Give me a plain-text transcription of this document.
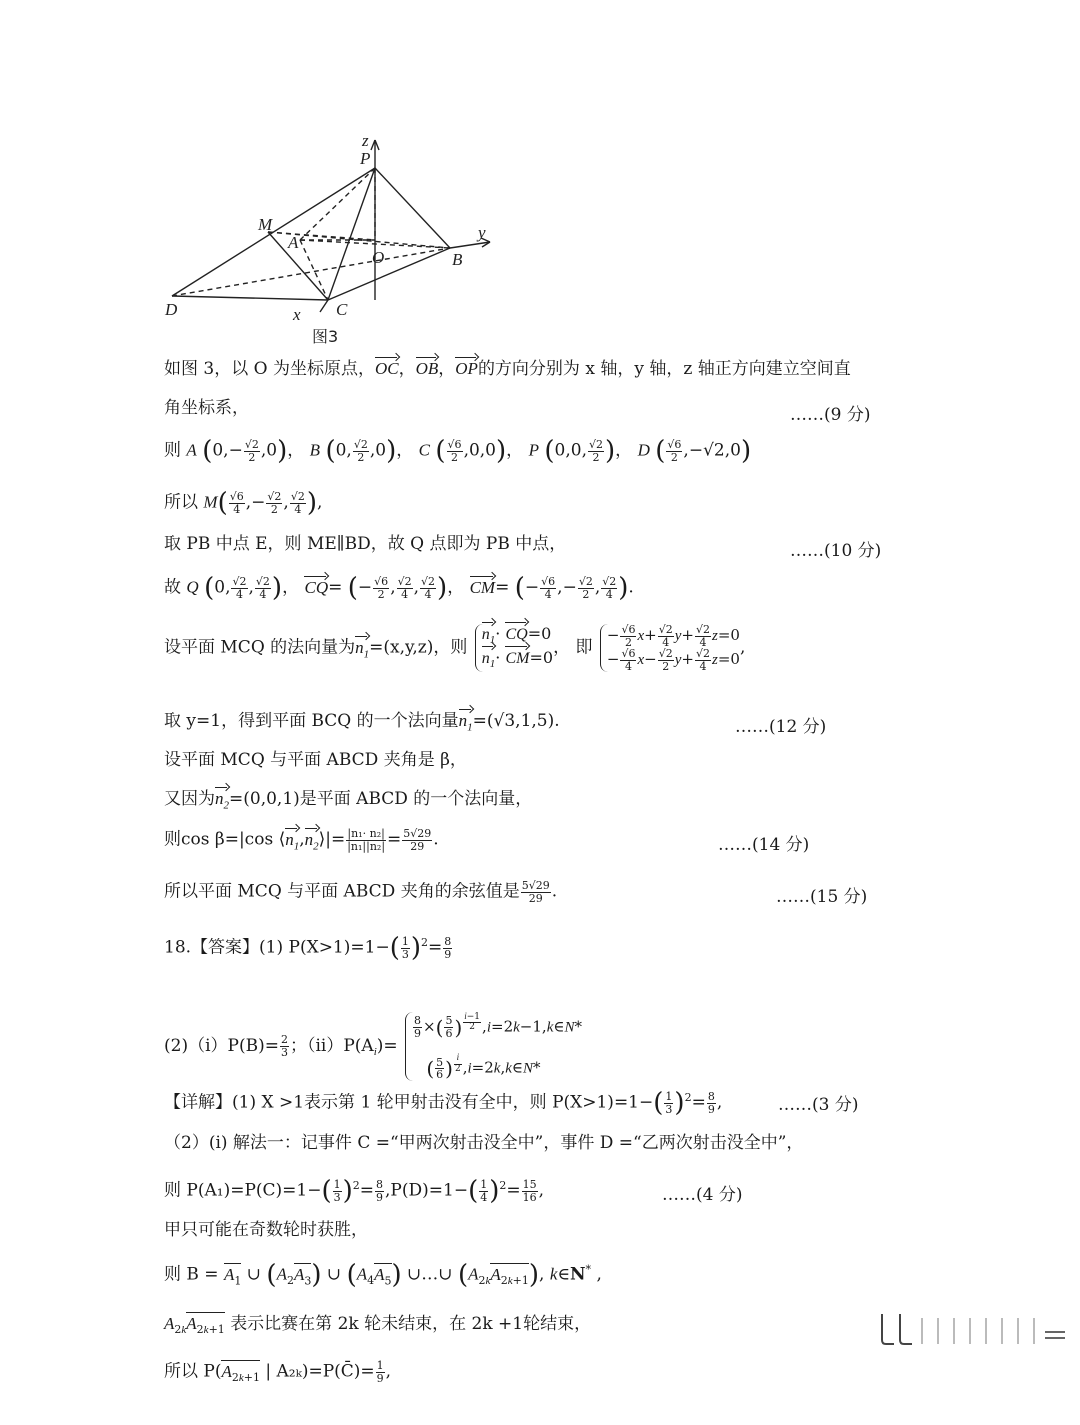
z
P
M
A
O	B
y
D	C
x
图3
如图 3，以 O 为坐标原点，OC，OB，OP的方向分别为 x 轴，y 轴，z 轴正方向建立空间直
角坐标系，	……(9 分)
则 A $(0,- \frac{√2}{2} ,0)$， B (0, $\frac{√2}{2} ,0$)， C ( $\frac{√6}{2} ,0,0$)， P (0,0, $\frac{√2}{2}$ )， D ( $\frac{√6}{2} ,-√2,0$)
所以 $M( \frac{√6}{4}$ ,− $\frac{√2}{2}$ , $\frac{√2}{4}$ ),
取 PB 中点 E，则 ME∥BD，故 Q 点即为 PB 中点，	……(10 分)
故 Q (0, $\frac{√2}{4}$ , $\frac{√2}{4}$ )， CQ= (− $\frac{√6}{2}$ , $\frac{√2}{4}$ , $\frac{√2}{4}$ )， CM= (− $\frac{√6}{4}$ ,− $\frac{√2}{2}$ , $\frac{√2}{4}$ ).
设平面 MCQ 的法向量为$n_1=(x,y,z)$，则
$n_1\cdot CQ=0$
$n_1\cdot CM=0$ ， 即
− $\frac{√6}{2} x+ \frac{√2}{4} y+ \frac{√2}{4} z=0$
− $\frac{√6}{4} x- \frac{√2}{2} y+ \frac{√2}{4} z=0$
,
取 y=1，得到平面 BCQ 的一个法向量$n_1=(√3,1,5)$.	……(12 分)
设平面 MCQ 与平面 ABCD 夹角是 β，
又因为$n_2=(0,0,1)$是平面 ABCD 的一个法向量，
则cos β=|cos $⟨n_1,n_2⟩|= \frac{\text{|n₁· n₂|}}{\text{|n₁||n₂|}} = \frac{5√29}{29}$ .	……(14 分)
所以平面 MCQ 与平面 ABCD 夹角的余弦值是 $\frac{5√29}{29}$ .	……(15 分)
18.【答案】(1) $P(X>1)=1-( \frac{1}{3} )^2= \frac{8}{9}$
$(2)(i)P(B)= \frac{2}{3}$ ；$(ii)P(A_i)=$
$\frac{8}{9}$ ×( $\frac{5}{6}$ ) $^{\frac{i-1}{2}}$ ,i=2k−1,k∈N*
( $\frac{5}{6}$ ) $^{\frac{i}{2}}$ ,i=2k,k∈N*
【详解】(1) X >1表示第 1 轮甲射击没有全中，则 $P(X>1)=1-( \frac{1}{3} )^2= \frac{8}{9}$ ,	……(3 分)
（2）(i) 解法一：记事件 C =“甲两次射击没全中”，事件 D =“乙两次射击没全中”，
则 $P(A_1)=P(C)=1-( \frac{1}{3} )^2= \frac{8}{9} ,P(D)=1-( \frac{1}{4} )^2= \frac{15}{16}$ ,	……(4 分)
甲只可能在奇数轮时获胜，
则 $B = A_1$ ∪ $(A_2A_3)$ ∪ $(A_4A_5)$ ∪…∪ $(A_{2k}A_{2k+1})$, k∈N* ,
$A_{2k}A_{2k+1}$ 表示比赛在第 2k 轮未结束，在 2k +1轮结束，
所以 $P(A_{2k+1}$ | A₂ₖ)=P(C̄)= $\frac{1}{9}$ ,
